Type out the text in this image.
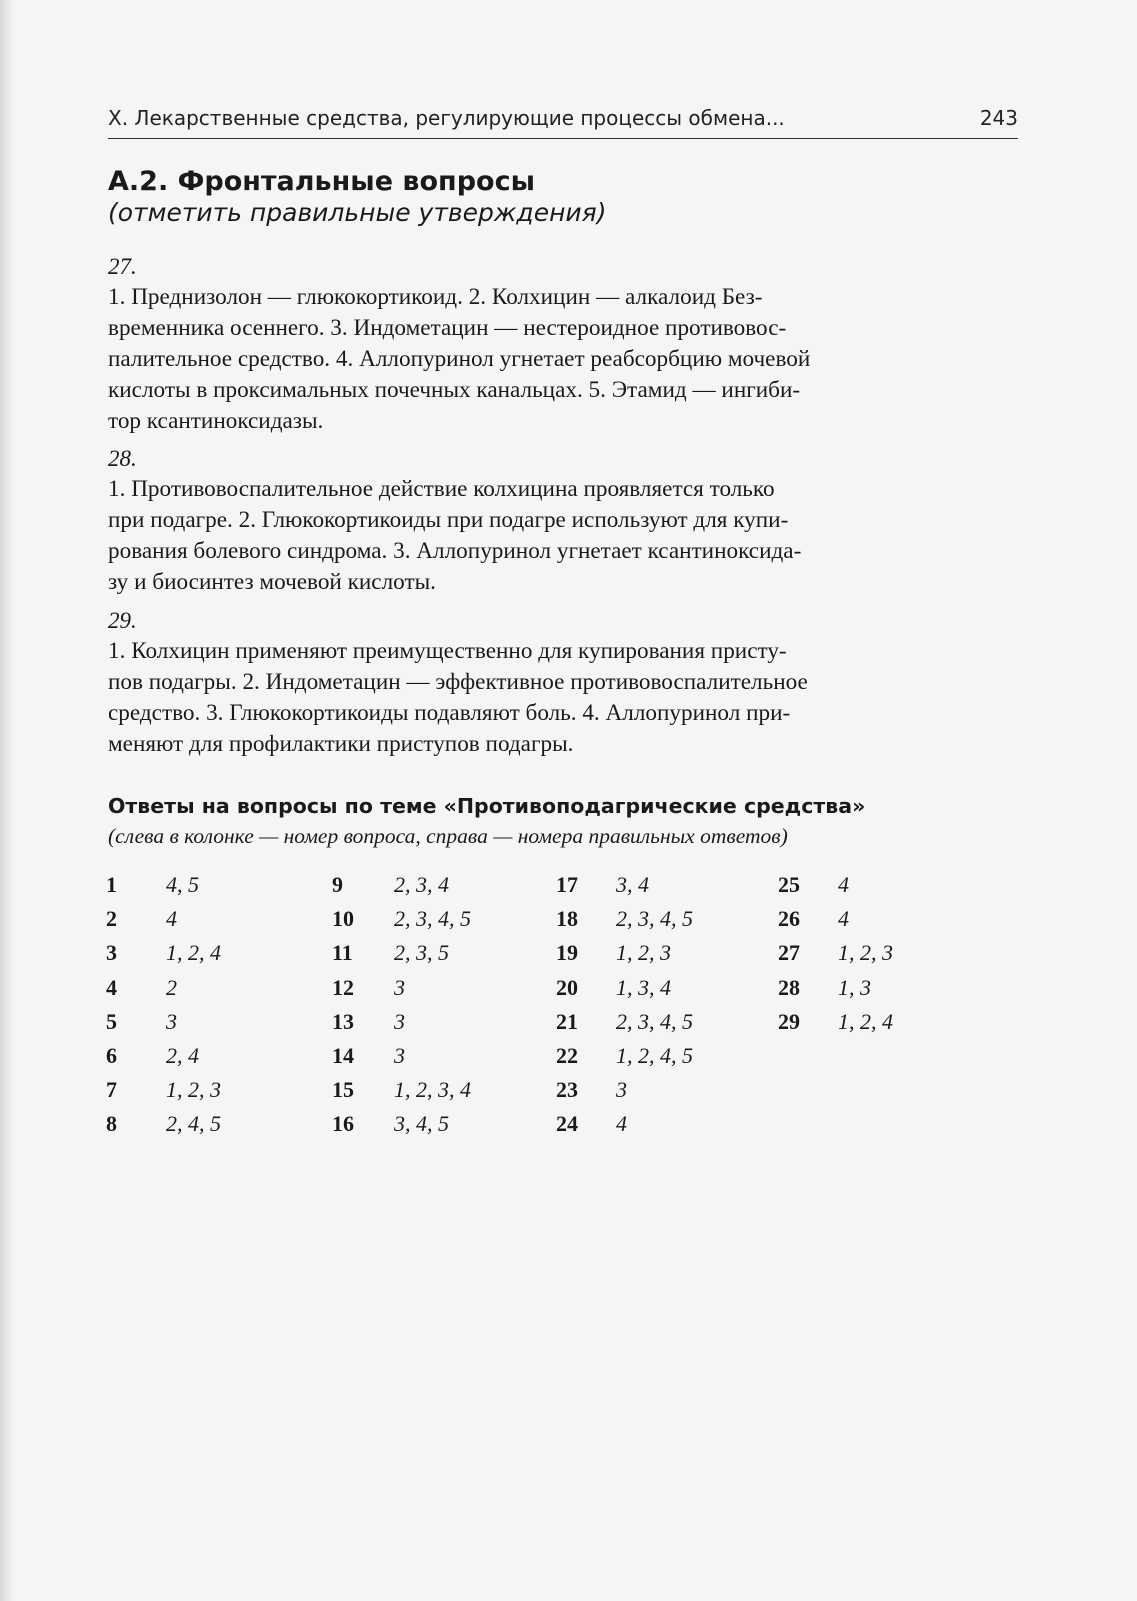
Х. Лекарственные средства, регулирующие процессы обмена...	243
А.2. Фронтальные вопросы
(отметить правильные утверждения)
27.
1. Преднизолон — глюкокортикоид. 2. Колхицин — алкалоид Без-
временника осеннего. 3. Индометацин — нестероидное противовос-
палительное средство. 4. Аллопуринол угнетает реабсорбцию мочевой
кислоты в проксимальных почечных канальцах. 5. Этамид — ингиби-
тор ксантиноксидазы.
28.
1. Противовоспалительное действие колхицина проявляется только
при подагре. 2. Глюкокортикоиды при подагре используют для купи-
рования болевого синдрома. 3. Аллопуринол угнетает ксантиноксида-
зу и биосинтез мочевой кислоты.
29.
1. Колхицин применяют преимущественно для купирования присту-
пов подагры. 2. Индометацин — эффективное противовоспалительное
средство. 3. Глюкокортикоиды подавляют боль. 4. Аллопуринол при-
меняют для профилактики приступов подагры.
Ответы на вопросы по теме «Противоподагрические средства»
(слева в колонке — номер вопроса, справа — номера правильных ответов)
1 4, 5
2 4
3 1, 2, 4
4 2
5 3
6 2, 4
7 1, 2, 3
8 2, 4, 5
9 2, 3, 4
10 2, 3, 4, 5
11 2, 3, 5
12 3
13 3
14 3
15 1, 2, 3, 4
16 3, 4, 5
17 3, 4
18 2, 3, 4, 5
19 1, 2, 3
20 1, 3, 4
21 2, 3, 4, 5
22 1, 2, 4, 5
23 3
24 4
25 4
26 4
27 1, 2, 3
28 1, 3
29 1, 2, 4
